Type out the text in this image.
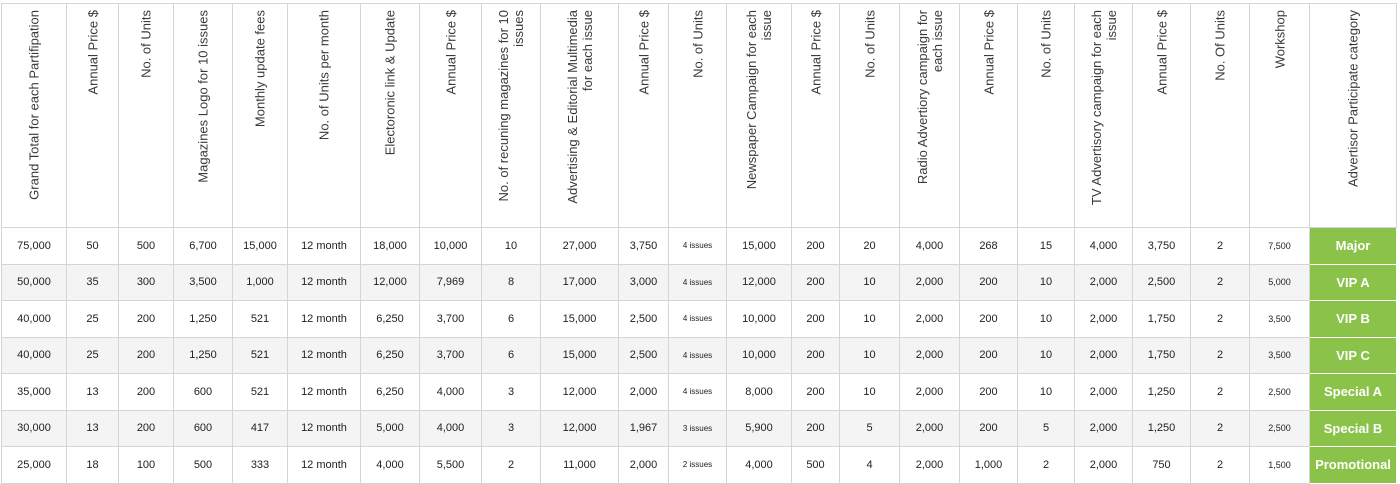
Grand Total for each Partifipation	Annual Price $	No. of Units	Magazines Logo for 10 issues	Monthly update fees	No. of Units per month	Electoronic link & Update	Annual Price $	No. of recuning magazines for 10 issues	Advertising & Editorial Multimedia for each issue	Annual Price $	No. of Units	Newspaper Campaign for each issue	Annual Price $	No. of Units	Radio Advertiory campaign for each issue	Annual Price $	No. of Units	TV Advertisory campaign for each issue	Annual Price $	No. Of Units	Workshop	Advertisor Participate category

75,000	50	500	6,700	15,000	12 month	18,000	10,000	10	27,000	3,750	4 issues	15,000	200	20	4,000	268	15	4,000	3,750	2	7,500	Major
50,000	35	300	3,500	1,000	12 month	12,000	7,969	8	17,000	3,000	4 issues	12,000	200	10	2,000	200	10	2,000	2,500	2	5,000	VIP A
40,000	25	200	1,250	521	12 month	6,250	3,700	6	15,000	2,500	4 issues	10,000	200	10	2,000	200	10	2,000	1,750	2	3,500	VIP B
40,000	25	200	1,250	521	12 month	6,250	3,700	6	15,000	2,500	4 issues	10,000	200	10	2,000	200	10	2,000	1,750	2	3,500	VIP C
35,000	13	200	600	521	12 month	6,250	4,000	3	12,000	2,000	4 issues	8,000	200	10	2,000	200	10	2,000	1,250	2	2,500	Special A
30,000	13	200	600	417	12 month	5,000	4,000	3	12,000	1,967	3 issues	5,900	200	5	2,000	200	5	2,000	1,250	2	2,500	Special B
25,000	18	100	500	333	12 month	4,000	5,500	2	11,000	2,000	2 issues	4,000	500	4	2,000	1,000	2	2,000	750	2	1,500	Promotional
